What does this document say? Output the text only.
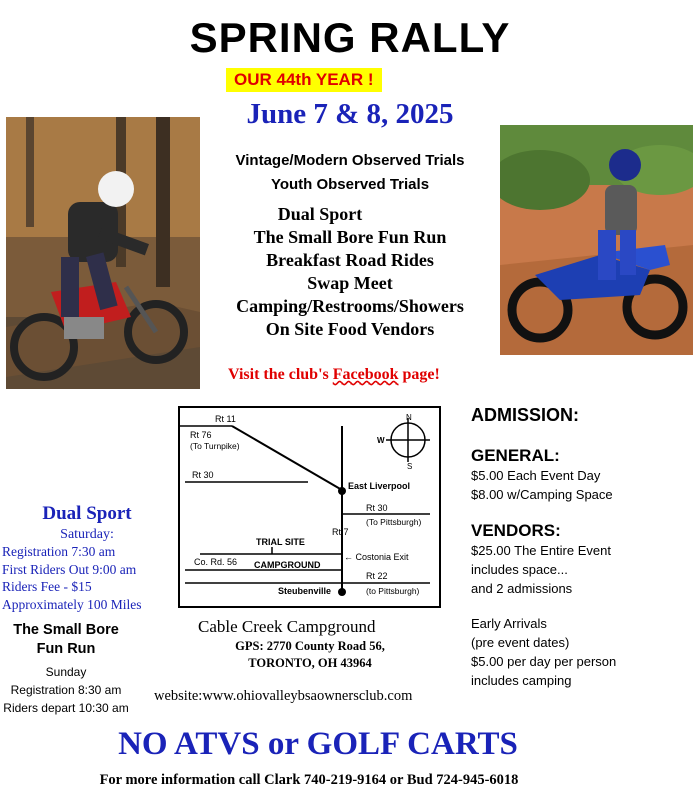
SPRING RALLY
OUR 44th YEAR !
June 7 & 8, 2025
Vintage/Modern Observed Trials
Youth Observed Trials
Dual Sport
The Small Bore Fun Run
Breakfast Road Rides
Swap Meet
Camping/Restrooms/Showers
On Site Food Vendors
Visit the club's Facebook page!
N
S
W
Rt 11
Rt 76
(To Turnpike)
Rt 30
East Liverpool
Rt 30
(To Pittsburgh)
Rt 7
TRIAL SITE
Co. Rd. 56	← Costonia Exit
CAMPGROUND
Rt 22
Steubenville	(to Pittsburgh)
Cable Creek Campground
GPS: 2770 County Road 56,
TORONTO, OH 43964
website:www.ohiovalleybsaownersclub.com
Dual Sport
Saturday:
Registration 7:30 am
First Riders Out 9:00 am
Riders Fee - $15
Approximately 100 Miles
The Small Bore
Fun Run
Sunday
Registration 8:30 am
Riders depart 10:30 am
ADMISSION:
GENERAL:
$5.00 Each Event Day
$8.00 w/Camping Space
VENDORS:
$25.00 The Entire Event
includes space...
and 2 admissions
Early Arrivals
(pre event dates)
$5.00 per day per person
includes camping
NO ATVS or GOLF CARTS
For more information call Clark 740-219-9164 or Bud 724-945-6018
